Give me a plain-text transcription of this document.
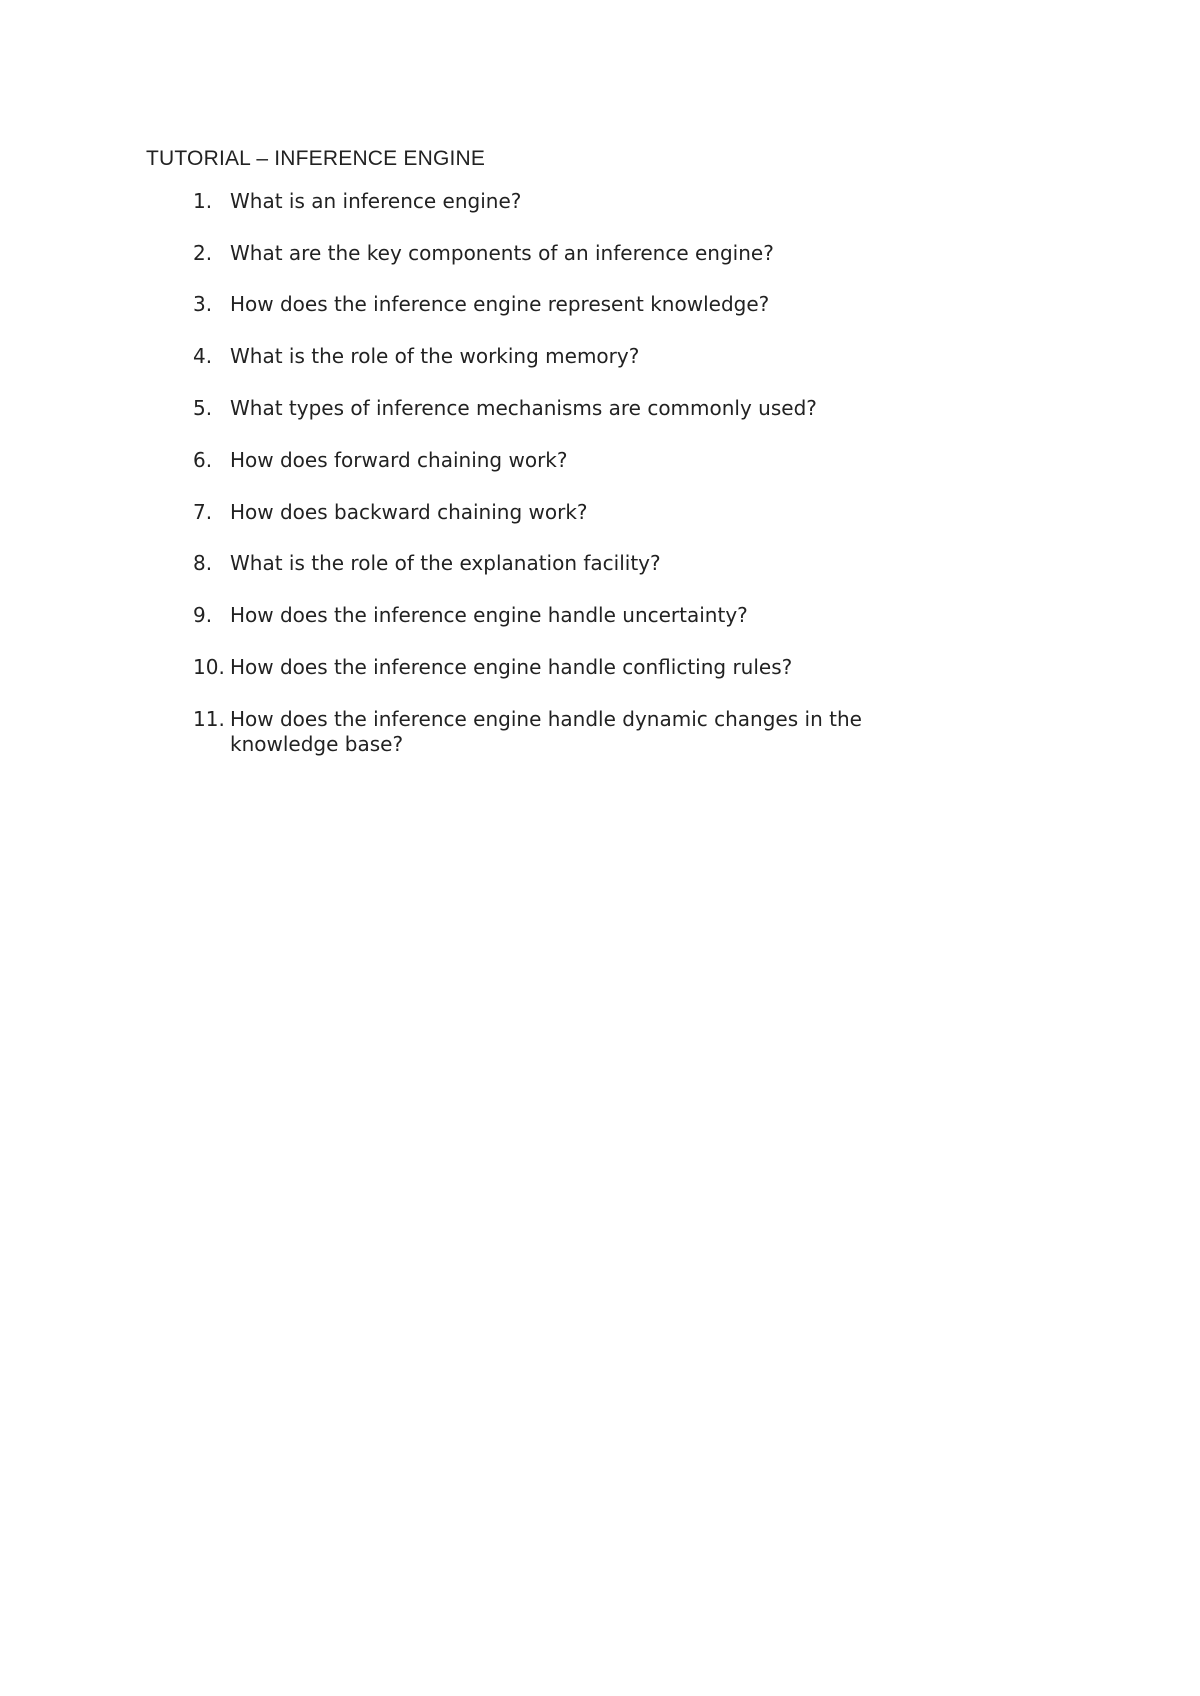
TUTORIAL – INFERENCE ENGINE
1. What is an inference engine?
2. What are the key components of an inference engine?
3. How does the inference engine represent knowledge?
4. What is the role of the working memory?
5. What types of inference mechanisms are commonly used?
6. How does forward chaining work?
7. How does backward chaining work?
8. What is the role of the explanation facility?
9. How does the inference engine handle uncertainty?
10. How does the inference engine handle conflicting rules?
11. How does the inference engine handle dynamic changes in the knowledge base?
